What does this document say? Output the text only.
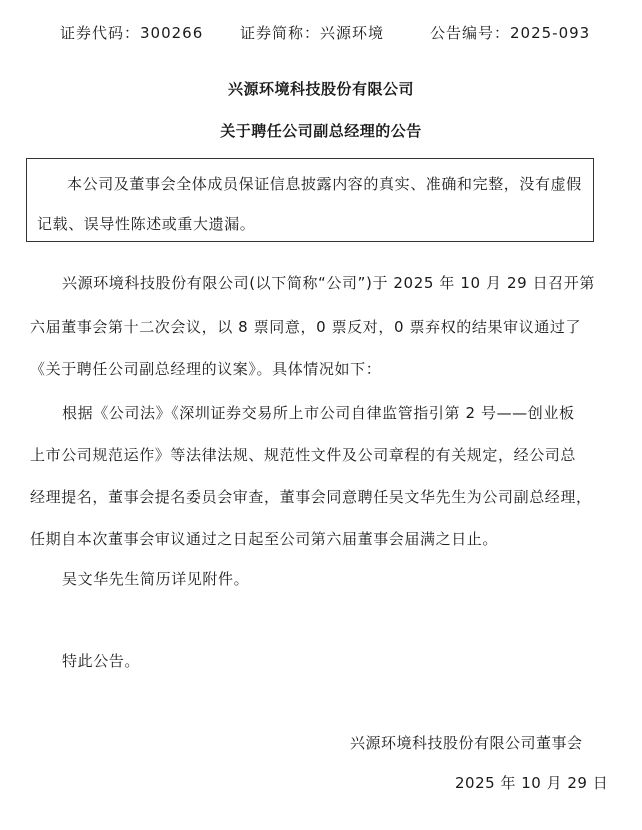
证券代码：300266 证券简称：兴源环境	公告编号：2025-093
兴源环境科技股份有限公司
关于聘任公司副总经理的公告
本公司及董事会全体成员保证信息披露内容的真实、准确和完整，没有虚假
记载、误导性陈述或重大遗漏。
兴源环境科技股份有限公司(以下简称“公司”)于 2025 年 10 月 29 日召开第
六届董事会第十二次会议，以 8 票同意，0 票反对，0 票弃权的结果审议通过了
《关于聘任公司副总经理的议案》。具体情况如下：
根据《公司法》《深圳证券交易所上市公司自律监管指引第 2 号——创业板
上市公司规范运作》等法律法规、规范性文件及公司章程的有关规定，经公司总
经理提名，董事会提名委员会审查，董事会同意聘任吴文华先生为公司副总经理，
任期自本次董事会审议通过之日起至公司第六届董事会届满之日止。
吴文华先生简历详见附件。
特此公告。
兴源环境科技股份有限公司董事会
2025 年 10 月 29 日
